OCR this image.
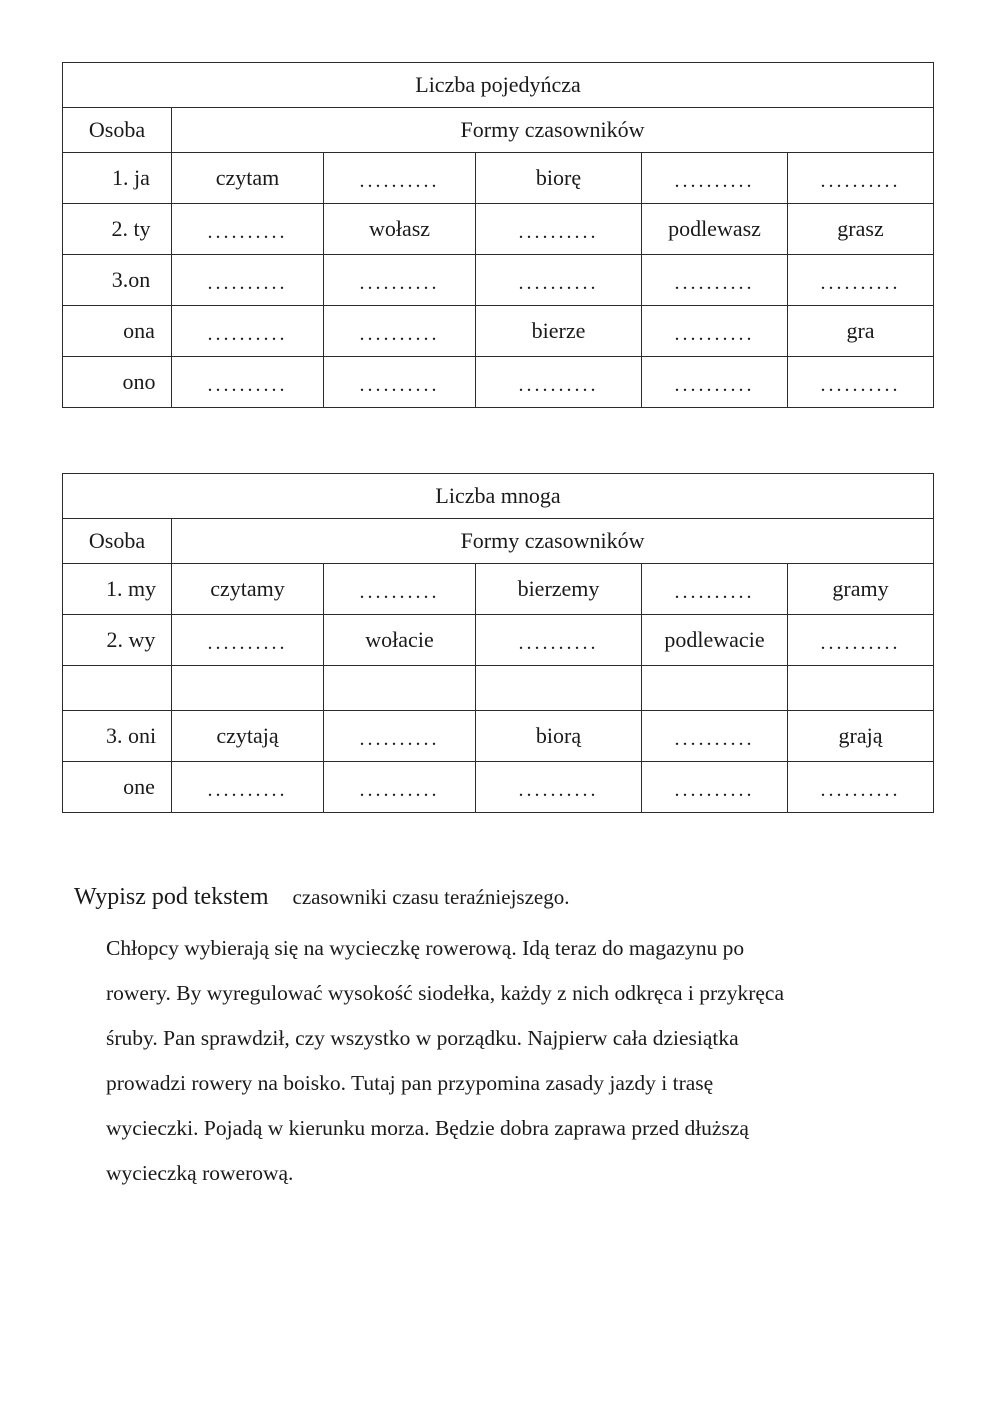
Liczba pojedyńcza					
Osoba	Formy czasowników				
1. ja	czytam	..........	biorę	..........	..........
2. ty	..........	wołasz	..........	podlewasz	grasz
3.on	..........	..........	..........	..........	..........
ona	..........	..........	bierze	..........	gra
ono	..........	..........	..........	..........	..........
Liczba mnoga					
Osoba	Formy czasowników				
1. my	czytamy	..........	bierzemy	..........	gramy
2. wy	..........	wołacie	..........	podlewacie	..........

3. oni	czytają	..........	biorą	..........	grają
one	..........	..........	..........	..........	..........
Wypisz pod tekstem czasowniki czasu teraźniejszego.

Chłopcy wybierają się na wycieczkę rowerową. Idą teraz do magazynu po

rowery. By wyregulować wysokość siodełka, każdy z nich odkręca i przykręca

śruby. Pan sprawdził, czy wszystko w porządku. Najpierw cała dziesiątka

prowadzi rowery na boisko. Tutaj pan przypomina zasady jazdy i trasę

wycieczki. Pojadą w kierunku morza. Będzie dobra zaprawa przed dłuższą

wycieczką rowerową.
